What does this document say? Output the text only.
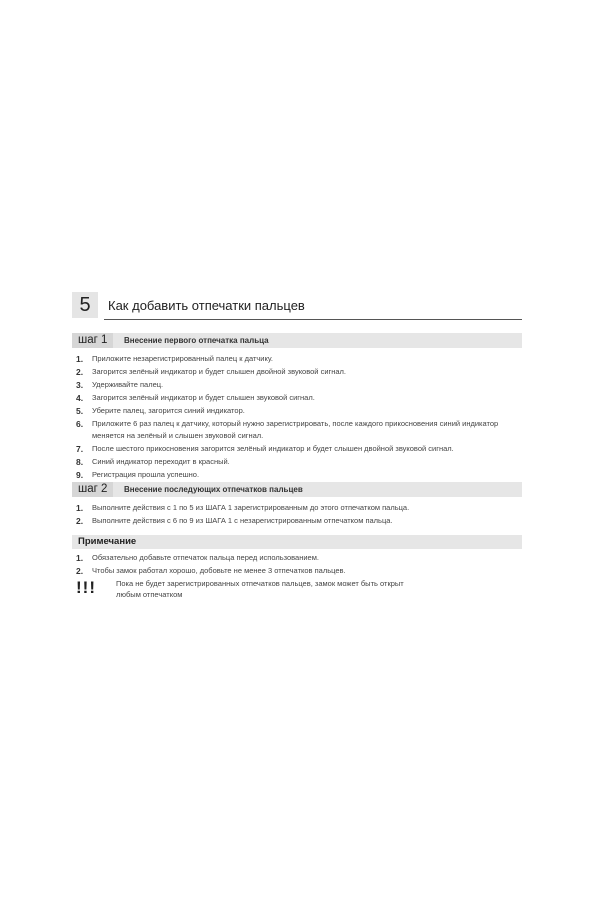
5	Как добавить отпечатки пальцев
шаг 1	Внесение первого отпечатка пальца
1. Приложите незарегистрированный палец к датчику.
2. Загорится зелёный индикатор и будет слышен двойной звуковой сигнал.
3. Удерживайте палец.
4. Загорится зелёный индикатор и будет слышен звуковой сигнал.
5. Уберите палец, загорится синий индикатор.
6. Приложите 6 раз палец к датчику, который нужно зарегистрировать, после каждого прикосновения синий индикатор меняется на зелёный и слышен звуковой сигнал.
7. После шестого прикосновения загорится зелёный индикатор и будет слышен двойной звуковой сигнал.
8. Синий индикатор переходит в красный.
9. Регистрация прошла успешно.
шаг 2	Внесение последующих отпечатков пальцев
1. Выполните действия с 1 по 5 из ШАГА 1 зарегистрированным до этого отпечатком пальца.
2. Выполните действия с 6 по 9 из ШАГА 1 с незарегистрированным отпечатком пальца.
Примечание
1. Обязательно добавьте отпечаток пальца перед использованием.
2. Чтобы замок работал хорошо, добовьте не менее 3 отпечатков пальцев.
!!!	Пока не будет зарегистрированных отпечатков пальцев, замок может быть открыт любым отпечатком
